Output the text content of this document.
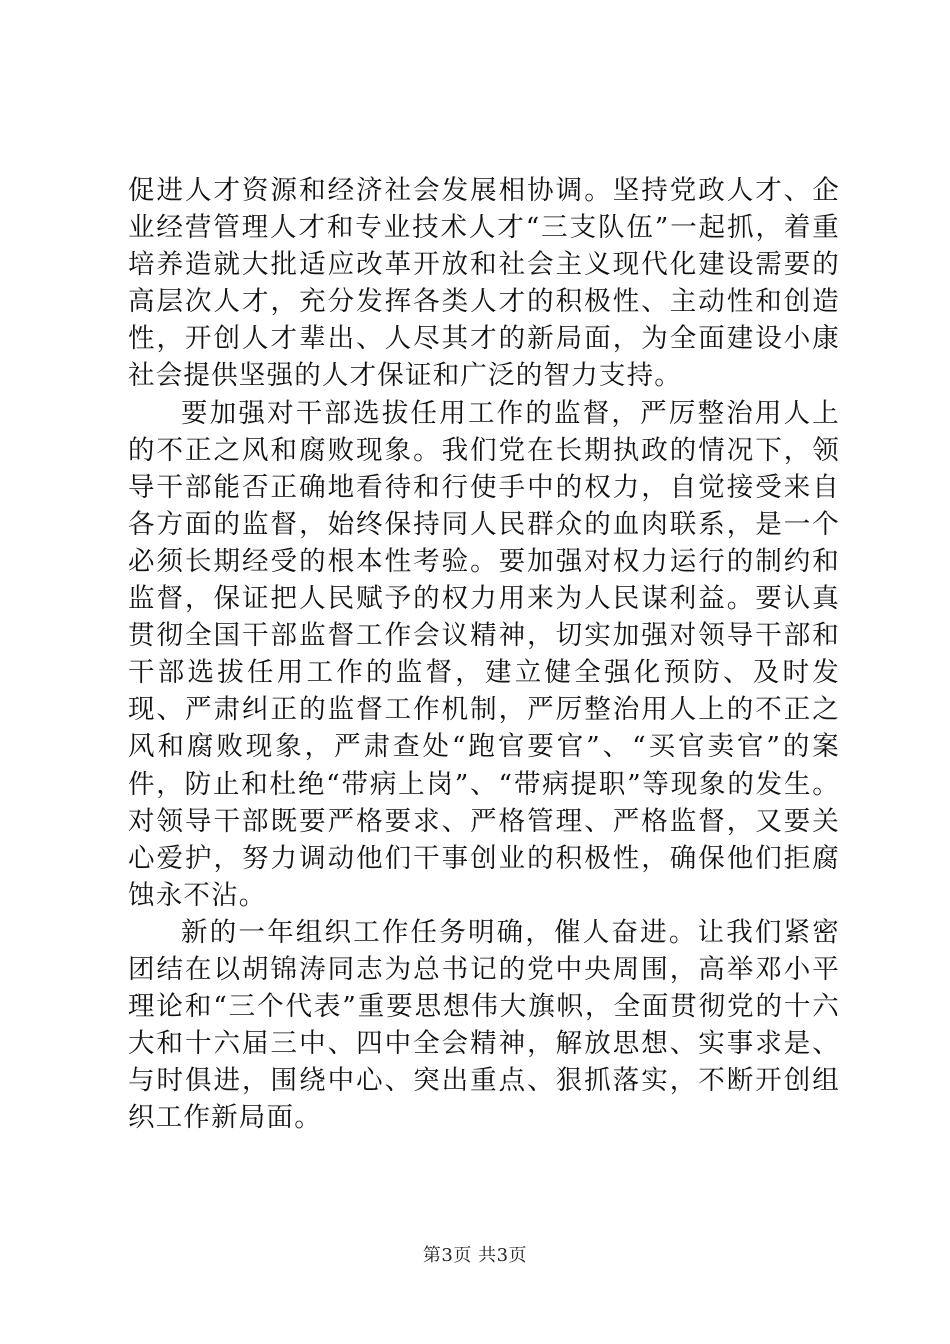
促进人才资源和经济社会发展相协调。坚持党政人才、企业经营管理人才和专业技术人才“三支队伍”一起抓，着重培养造就大批适应改革开放和社会主义现代化建设需要的高层次人才，充分发挥各类人才的积极性、主动性和创造性，开创人才辈出、人尽其才的新局面，为全面建设小康社会提供坚强的人才保证和广泛的智力支持。

要加强对干部选拔任用工作的监督，严厉整治用人上的不正之风和腐败现象。我们党在长期执政的情况下，领导干部能否正确地看待和行使手中的权力，自觉接受来自各方面的监督，始终保持同人民群众的血肉联系，是一个必须长期经受的根本性考验。要加强对权力运行的制约和监督，保证把人民赋予的权力用来为人民谋利益。要认真贯彻全国干部监督工作会议精神，切实加强对领导干部和干部选拔任用工作的监督，建立健全强化预防、及时发现、严肃纠正的监督工作机制，严厉整治用人上的不正之风和腐败现象，严肃查处“跑官要官”、“买官卖官”的案件，防止和杜绝“带病上岗”、“带病提职”等现象的发生。对领导干部既要严格要求、严格管理、严格监督，又要关心爱护，努力调动他们干事创业的积极性，确保他们拒腐蚀永不沾。

新的一年组织工作任务明确，催人奋进。让我们紧密团结在以胡锦涛同志为总书记的党中央周围，高举邓小平理论和“三个代表”重要思想伟大旗帜，全面贯彻党的十六大和十六届三中、四中全会精神，解放思想、实事求是、与时俱进，围绕中心、突出重点、狠抓落实，不断开创组织工作新局面。

第3页 共3页
